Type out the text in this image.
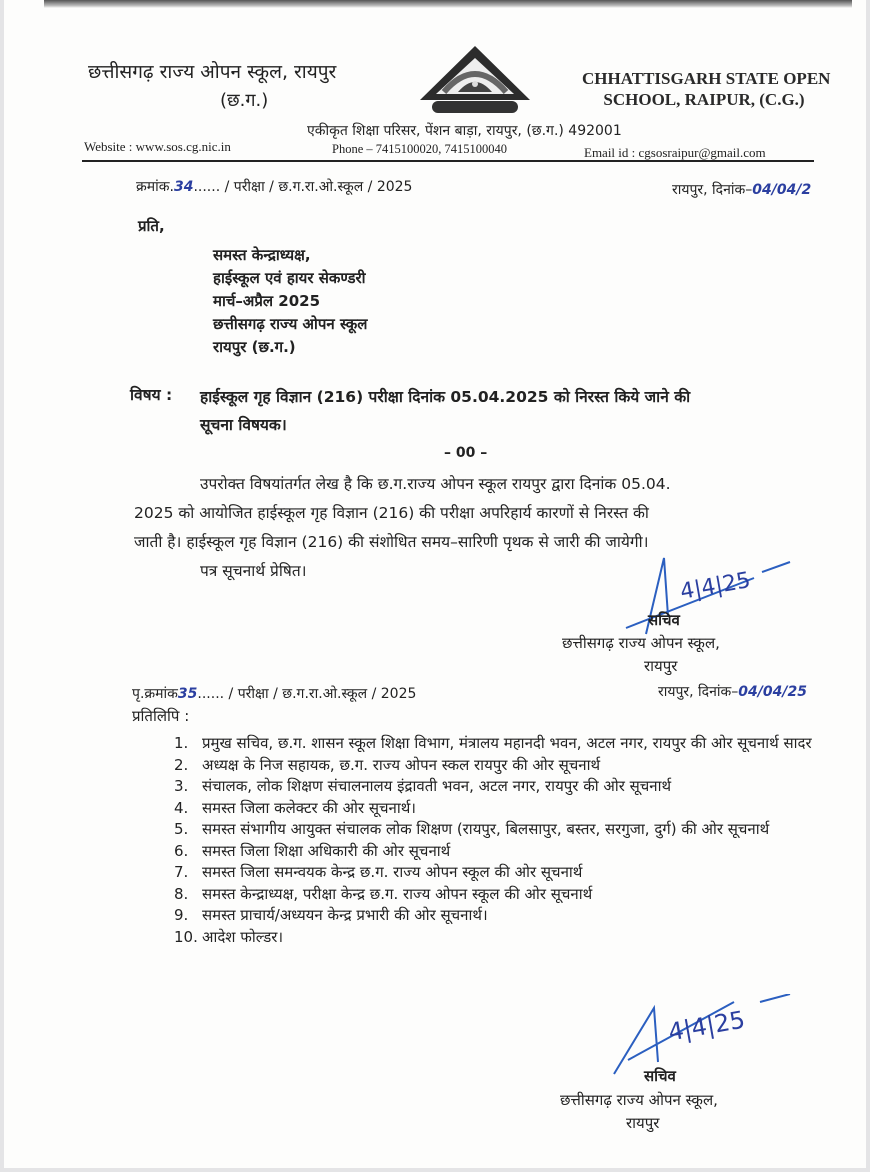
छत्तीसगढ़ राज्य ओपन स्कूल, रायपुर
(छ.ग.)
CHHATTISGARH STATE OPEN
SCHOOL, RAIPUR, (C.G.)
एकीकृत शिक्षा परिसर, पेंशन बाड़ा, रायपुर, (छ.ग.) 492001
Website : www.sos.cg.nic.in	Phone – 7415100020, 7415100040	Email id : cgsosraipur@gmail.com
क्रमांक.34...... / परीक्षा / छ.ग.रा.ओ.स्कूल / 2025	रायपुर, दिनांक–04/04/2
प्रति,
समस्त केन्द्राध्यक्ष,
हाईस्कूल एवं हायर सेकण्डरी
मार्च–अप्रैल 2025
छत्तीसगढ़ राज्य ओपन स्कूल
रायपुर (छ.ग.)
विषय : हाईस्कूल गृह विज्ञान (216) परीक्षा दिनांक 05.04.2025 को निरस्त किये जाने की
सूचना विषयक।
– 00 –
उपरोक्त विषयांतर्गत लेख है कि छ.ग.राज्य ओपन स्कूल रायपुर द्वारा दिनांक 05.04.
2025 को आयोजित हाईस्कूल गृह विज्ञान (216) की परीक्षा अपरिहार्य कारणों से निरस्त की
जाती है। हाईस्कूल गृह विज्ञान (216) की संशोधित समय–सारिणी पृथक से जारी की जायेगी।
पत्र सूचनार्थ प्रेषित।	4|4|25
सचिव
छत्तीसगढ़ राज्य ओपन स्कूल,
रायपुर
पृ.क्रमांक35...... / परीक्षा / छ.ग.रा.ओ.स्कूल / 2025	रायपुर, दिनांक–04/04/25
प्रतिलिपि :
1. प्रमुख सचिव, छ.ग. शासन स्कूल शिक्षा विभाग, मंत्रालय महानदी भवन, अटल नगर, रायपुर की ओर सूचनार्थ सादर
2. अध्यक्ष के निज सहायक, छ.ग. राज्य ओपन स्कल रायपुर की ओर सूचनार्थ
3. संचालक, लोक शिक्षण संचालनालय इंद्रावती भवन, अटल नगर, रायपुर की ओर सूचनार्थ
4. समस्त जिला कलेक्टर की ओर सूचनार्थ।
5. समस्त संभागीय आयुक्त संचालक लोक शिक्षण (रायपुर, बिलसापुर, बस्तर, सरगुजा, दुर्ग) की ओर सूचनार्थ
6. समस्त जिला शिक्षा अधिकारी की ओर सूचनार्थ
7. समस्त जिला समन्वयक केन्द्र छ.ग. राज्य ओपन स्कूल की ओर सूचनार्थ
8. समस्त केन्द्राध्यक्ष, परीक्षा केन्द्र छ.ग. राज्य ओपन स्कूल की ओर सूचनार्थ
9. समस्त प्राचार्य/अध्ययन केन्द्र प्रभारी की ओर सूचनार्थ।
10. आदेश फोल्डर।
4|4|25
सचिव
छत्तीसगढ़ राज्य ओपन स्कूल,
रायपुर
